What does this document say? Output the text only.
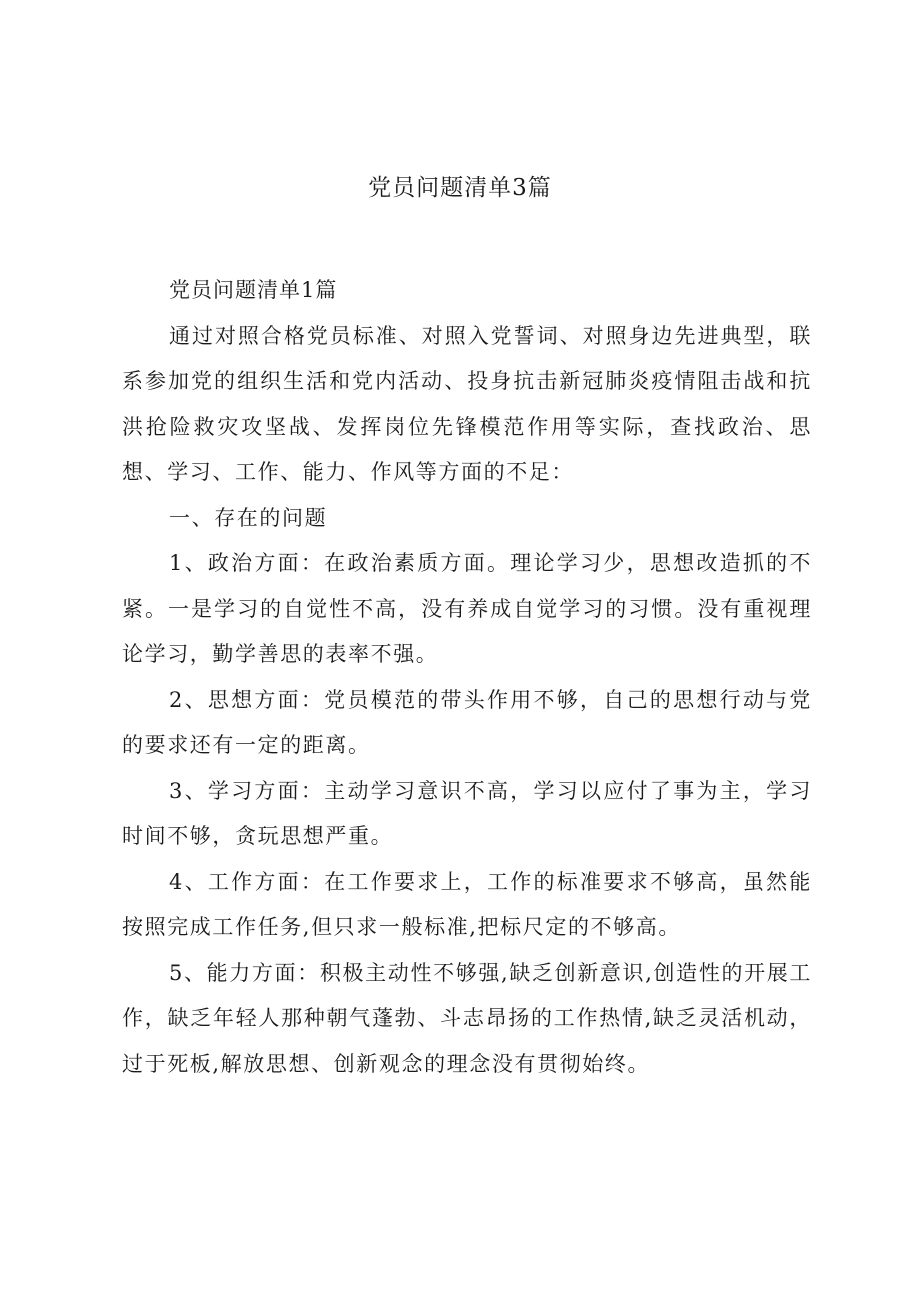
党员问题清单3篇

党员问题清单1篇

通过对照合格党员标准、对照入党誓词、对照身边先进典型，联系参加党的组织生活和党内活动、投身抗击新冠肺炎疫情阻击战和抗洪抢险救灾攻坚战、发挥岗位先锋模范作用等实际，查找政治、思想、学习、工作、能力、作风等方面的不足：

一、存在的问题

1、政治方面：在政治素质方面。理论学习少，思想改造抓的不紧。一是学习的自觉性不高，没有养成自觉学习的习惯。没有重视理论学习，勤学善思的表率不强。

2、思想方面：党员模范的带头作用不够，自己的思想行动与党的要求还有一定的距离。

3、学习方面：主动学习意识不高，学习以应付了事为主，学习时间不够，贪玩思想严重。

4、工作方面：在工作要求上，工作的标准要求不够高，虽然能按照完成工作任务,但只求一般标准,把标尺定的不够高。

5、能力方面：积极主动性不够强,缺乏创新意识,创造性的开展工作，缺乏年轻人那种朝气蓬勃、斗志昂扬的工作热情,缺乏灵活机动，过于死板,解放思想、创新观念的理念没有贯彻始终。
